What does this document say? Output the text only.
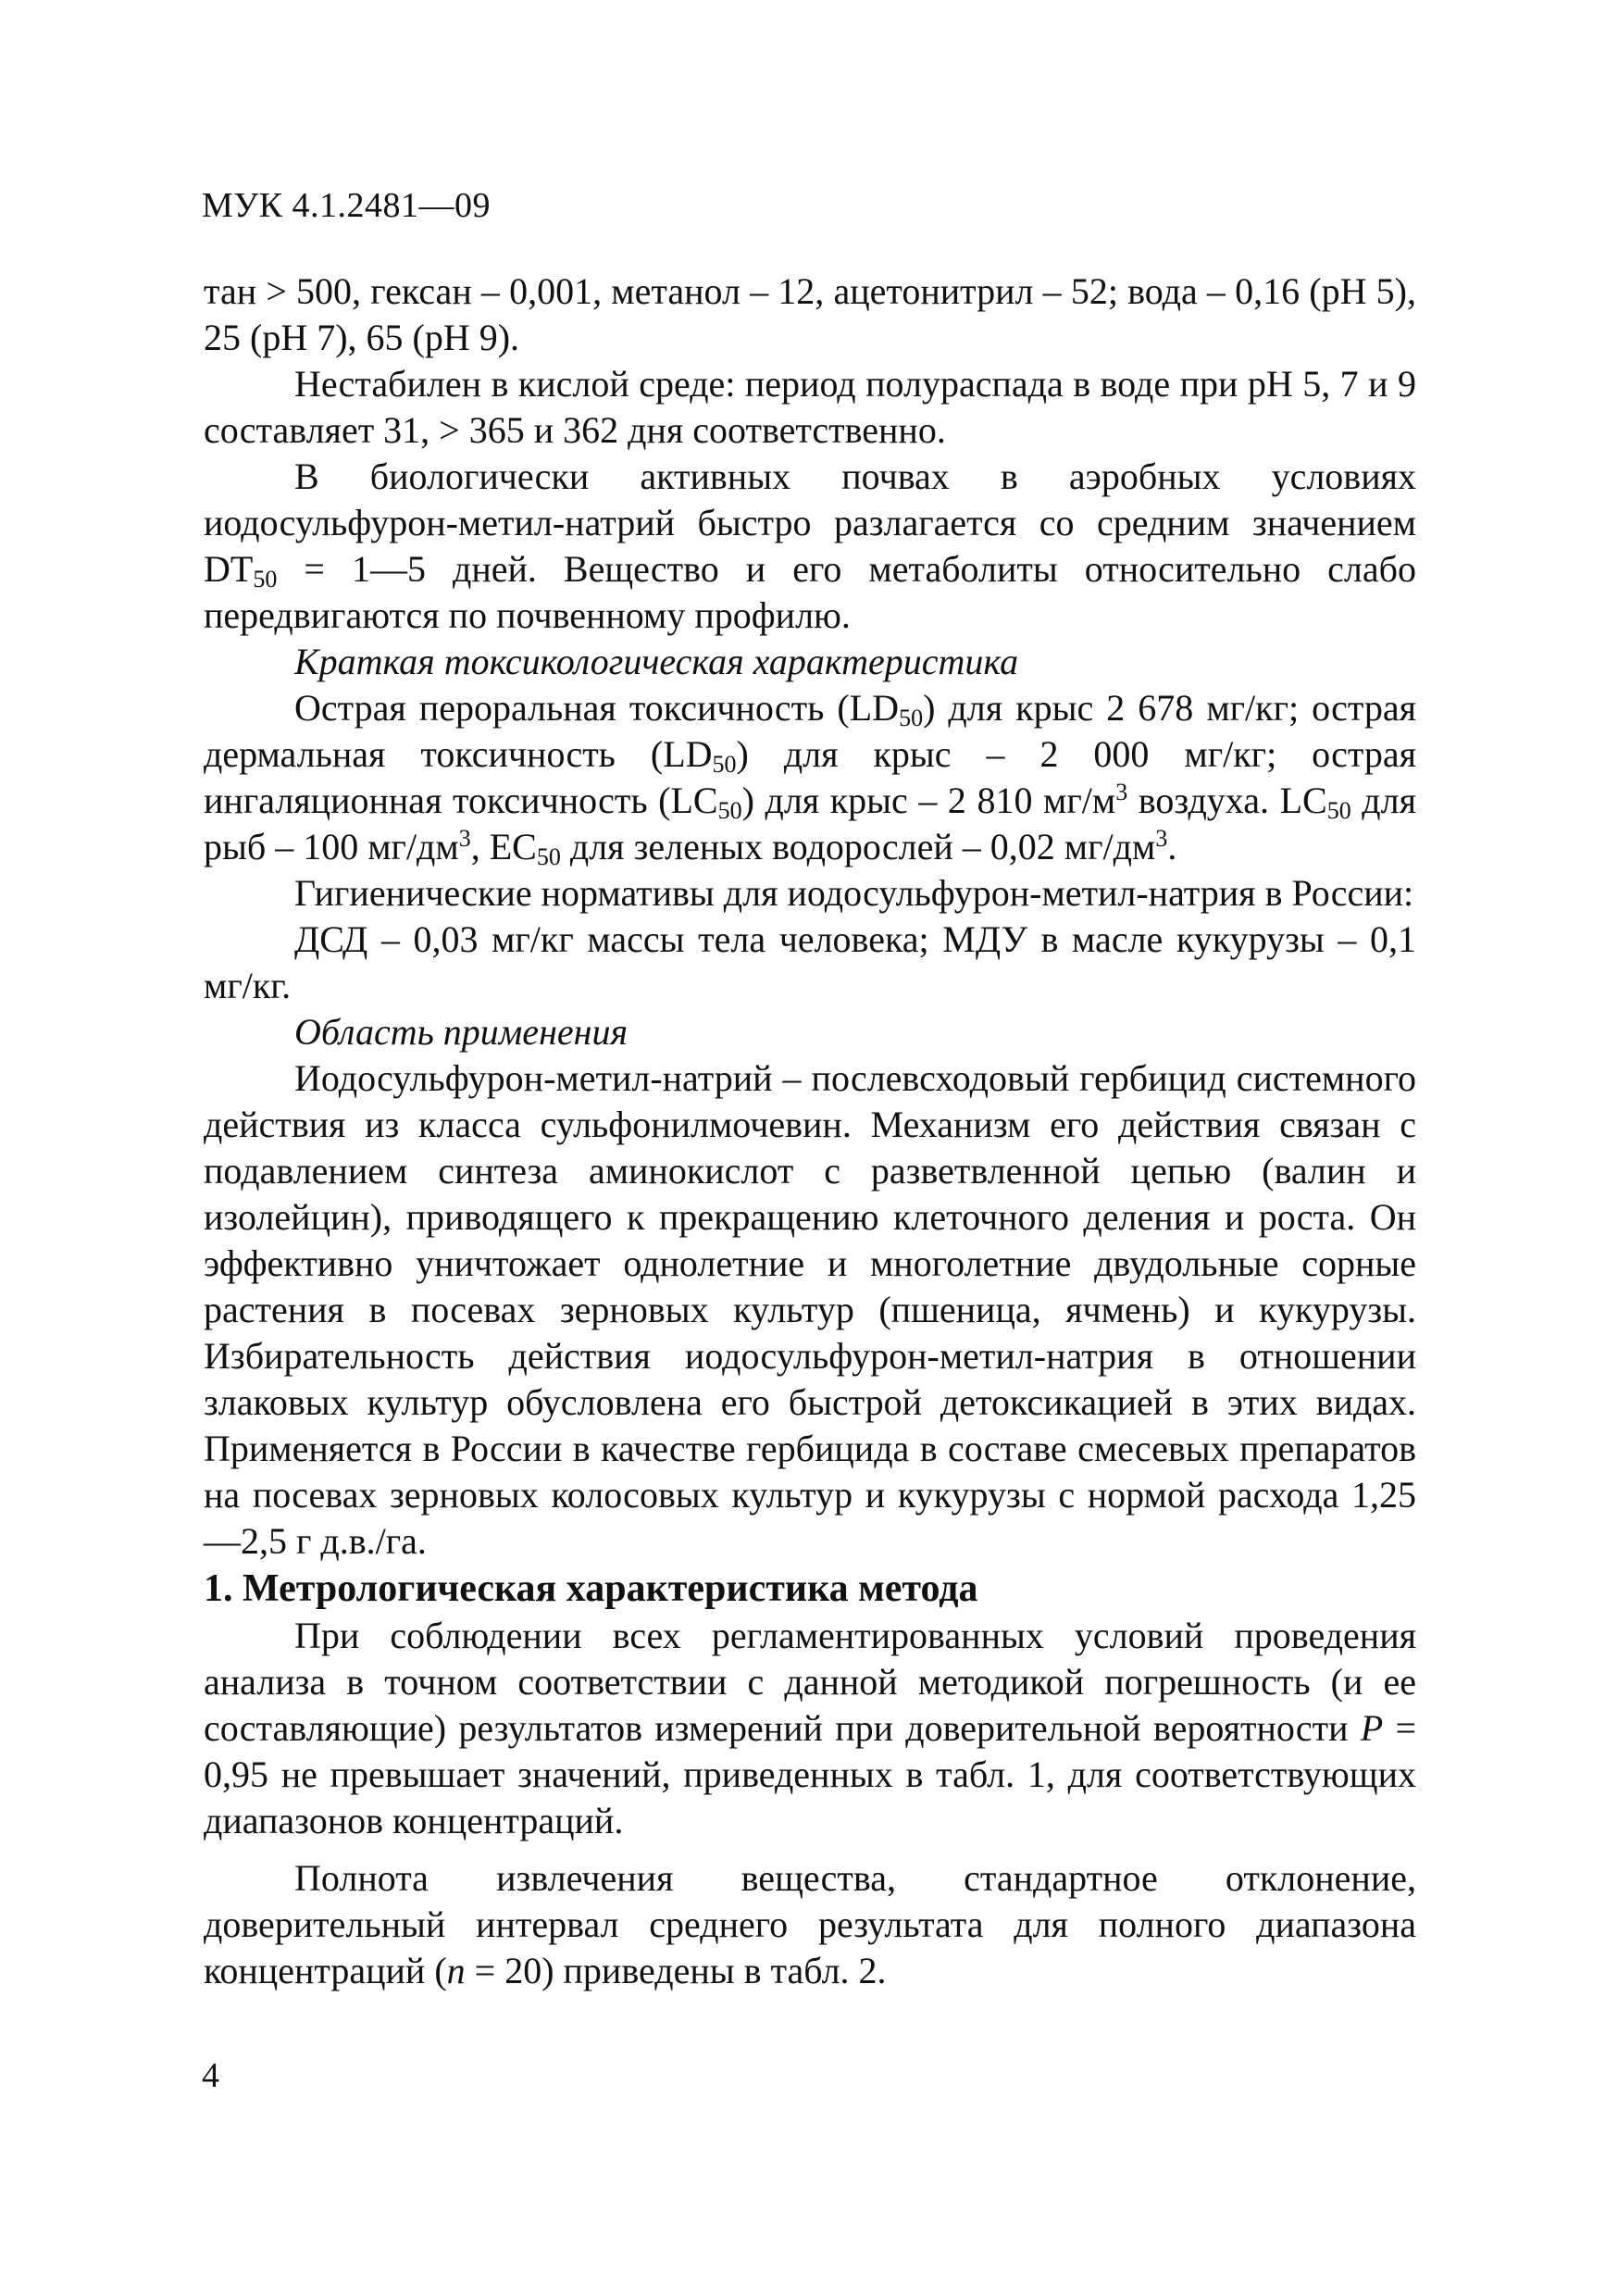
МУК 4.1.2481—09

тан > 500, гексан – 0,001, метанол – 12, ацетонитрил – 52; вода – 0,16 (рН 5), 25 (рН 7), 65 (рН 9).

Нестабилен в кислой среде: период полураспада в воде при рН 5, 7 и 9 составляет 31, > 365 и 362 дня соответственно.

В биологически активных почвах в аэробных условиях иодосульфурон-метил-натрий быстро разлагается со средним значением $DT_{50}$ = 1—5 дней. Вещество и его метаболиты относительно слабо передвигаются по почвенному профилю.

Краткая токсикологическая характеристика

Острая пероральная токсичность $(LD_{50})$ для крыс 2 678 мг/кг; острая дермальная токсичность $(LD_{50})$ для крыс – 2 000 мг/кг; острая ингаляционная токсичность $(LC_{50})$ для крыс – 2 810 $мг/м^3$ воздуха. $LC_{50}$ для рыб – 100 $мг/дм^3$, $EC_{50}$ для зеленых водорослей – 0,02 $мг/дм^3$.

Гигиенические нормативы для иодосульфурон-метил-натрия в России:

ДСД – 0,03 мг/кг массы тела человека; МДУ в масле кукурузы – 0,1 мг/кг.

Область применения

Иодосульфурон-метил-натрий – послевсходовый гербицид системного действия из класса сульфонилмочевин. Механизм его действия связан с подавлением синтеза аминокислот с разветвленной цепью (валин и изолейцин), приводящего к прекращению клеточного деления и роста. Он эффективно уничтожает однолетние и многолетние двудольные сорные растения в посевах зерновых культур (пшеница, ячмень) и кукурузы. Избирательность действия иодосульфурон-метил-натрия в отношении злаковых культур обусловлена его быстрой детоксикацией в этих видах. Применяется в России в качестве гербицида в составе смесевых препаратов на посевах зерновых колосовых культур и кукурузы с нормой расхода 1,25—2,5 г д.в./га.

1. Метрологическая характеристика метода

При соблюдении всех регламентированных условий проведения анализа в точном соответствии с данной методикой погрешность (и ее составляющие) результатов измерений при доверительной вероятности P = 0,95 не превышает значений, приведенных в табл. 1, для соответствующих диапазонов концентраций.

Полнота извлечения вещества, стандартное отклонение, доверительный интервал среднего результата для полного диапазона концентраций (n = 20) приведены в табл. 2.

4
